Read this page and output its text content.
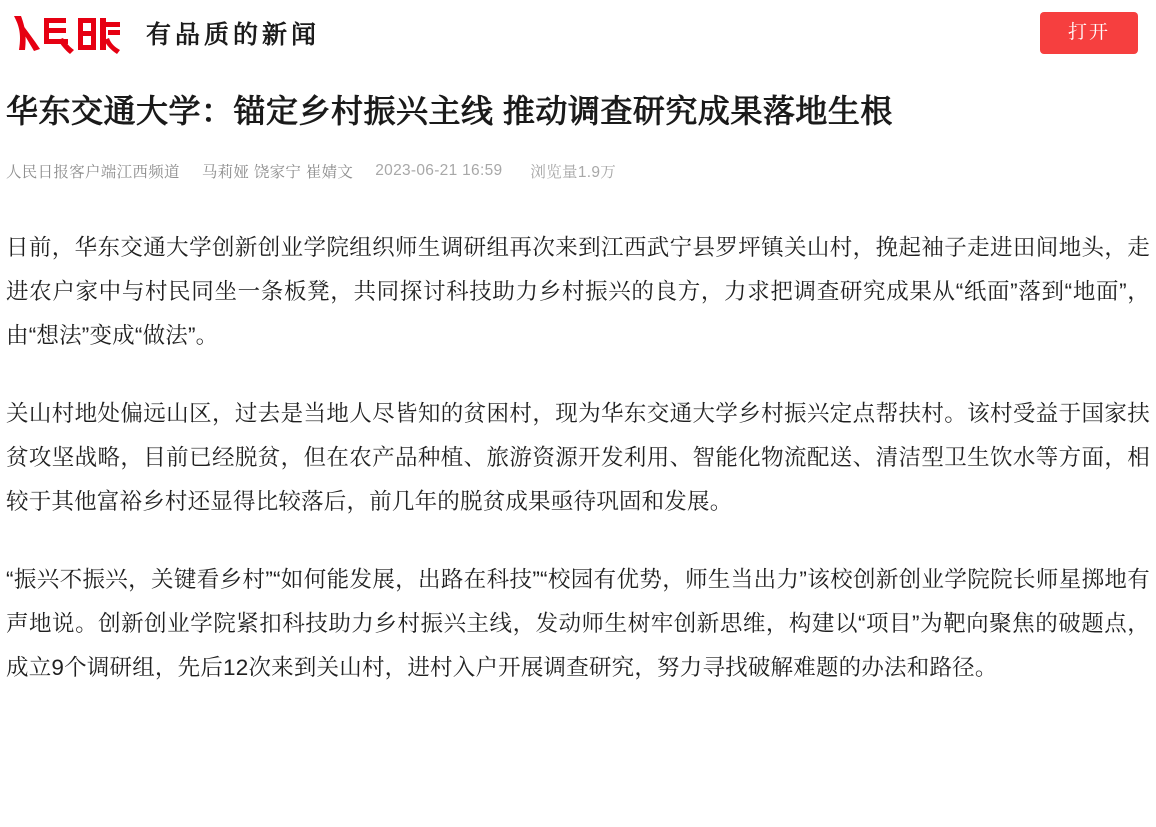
有品质的新闻	打开
华东交通大学：锚定乡村振兴主线 推动调查研究成果落地生根
人民日报客户端江西频道 马莉娅 饶家宁 崔婧文 2023-06-21 16:59 浏览量1.9万

日前，华东交通大学创新创业学院组织师生调研组再次来到江西武宁县罗坪镇关山村，挽起袖子走进田间地头，走进农户家中与村民同坐一条板凳，共同探讨科技助力乡村振兴的良方，力求把调查研究成果从“纸面”落到“地面”，由“想法”变成“做法”。

关山村地处偏远山区，过去是当地人尽皆知的贫困村，现为华东交通大学乡村振兴定点帮扶村。该村受益于国家扶贫攻坚战略，目前已经脱贫，但在农产品种植、旅游资源开发利用、智能化物流配送、清洁型卫生饮水等方面，相较于其他富裕乡村还显得比较落后，前几年的脱贫成果亟待巩固和发展。

“振兴不振兴，关键看乡村”“如何能发展，出路在科技”“校园有优势，师生当出力”该校创新创业学院院长师星掷地有声地说。创新创业学院紧扣科技助力乡村振兴主线，发动师生树牢创新思维，构建以“项目”为靶向聚焦的破题点，成立9个调研组，先后12次来到关山村，进村入户开展调查研究，努力寻找破解难题的办法和路径。
